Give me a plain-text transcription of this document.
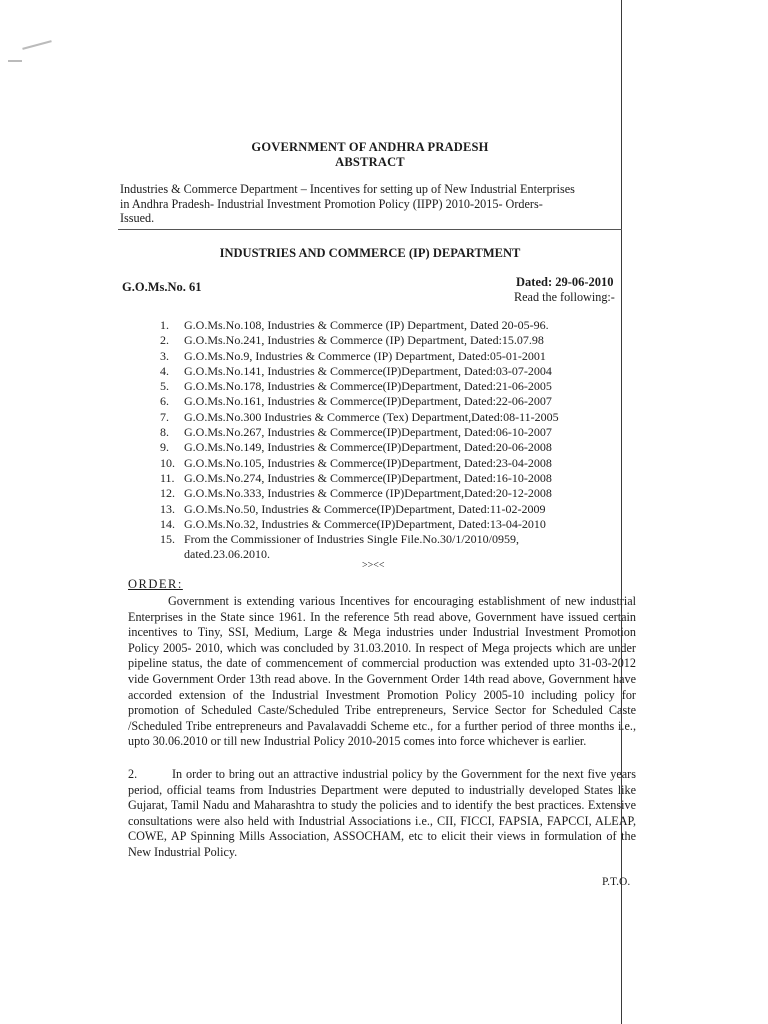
GOVERNMENT OF ANDHRA PRADESH
ABSTRACT
Industries & Commerce Department – Incentives for setting up of New Industrial Enterprises
in Andhra Pradesh- Industrial Investment Promotion Policy (IIPP) 2010-2015- Orders-
Issued.
INDUSTRIES AND COMMERCE (IP) DEPARTMENT
G.O.Ms.No. 61	Dated: 29-06-2010
Read the following:-
1. G.O.Ms.No.108, Industries & Commerce (IP) Department, Dated 20-05-96.
2. G.O.Ms.No.241, Industries & Commerce (IP) Department, Dated:15.07.98
3. G.O.Ms.No.9, Industries & Commerce (IP) Department, Dated:05-01-2001
4. G.O.Ms.No.141, Industries & Commerce(IP)Department, Dated:03-07-2004
5. G.O.Ms.No.178, Industries & Commerce(IP)Department, Dated:21-06-2005
6. G.O.Ms.No.161, Industries & Commerce(IP)Department, Dated:22-06-2007
7. G.O.Ms.No.300 Industries & Commerce (Tex) Department,Dated:08-11-2005
8. G.O.Ms.No.267, Industries & Commerce(IP)Department, Dated:06-10-2007
9. G.O.Ms.No.149, Industries & Commerce(IP)Department, Dated:20-06-2008
10. G.O.Ms.No.105, Industries & Commerce(IP)Department, Dated:23-04-2008
11. G.O.Ms.No.274, Industries & Commerce(IP)Department, Dated:16-10-2008
12. G.O.Ms.No.333, Industries & Commerce (IP)Department,Dated:20-12-2008
13. G.O.Ms.No.50, Industries & Commerce(IP)Department, Dated:11-02-2009
14. G.O.Ms.No.32, Industries & Commerce(IP)Department, Dated:13-04-2010
15. From the Commissioner of Industries Single File.No.30/1/2010/0959,
dated.23.06.2010.
>><<
ORDER:
Government is extending various Incentives for encouraging establishment of new industrial Enterprises in the State since 1961. In the reference 5th read above, Government have issued certain incentives to Tiny, SSI, Medium, Large & Mega industries under Industrial Investment Promotion Policy 2005- 2010, which was concluded by 31.03.2010. In respect of Mega projects which are under pipeline status, the date of commencement of commercial production was extended upto 31-03-2012 vide Government Order 13th read above. In the Government Order 14th read above, Government have accorded extension of the Industrial Investment Promotion Policy 2005-10 including policy for promotion of Scheduled Caste/Scheduled Tribe entrepreneurs, Service Sector for Scheduled Caste /Scheduled Tribe entrepreneurs and Pavalavaddi Scheme etc., for a further period of three months i.e., upto 30.06.2010 or till new Industrial Policy 2010-2015 comes into force whichever is earlier.
2.	In order to bring out an attractive industrial policy by the Government for the next five years period, official teams from Industries Department were deputed to industrially developed States like Gujarat, Tamil Nadu and Maharashtra to study the policies and to identify the best practices. Extensive consultations were also held with Industrial Associations i.e., CII, FICCI, FAPSIA, FAPCCI, ALEAP, COWE, AP Spinning Mills Association, ASSOCHAM, etc to elicit their views in formulation of the New Industrial Policy.
P.T.O.
